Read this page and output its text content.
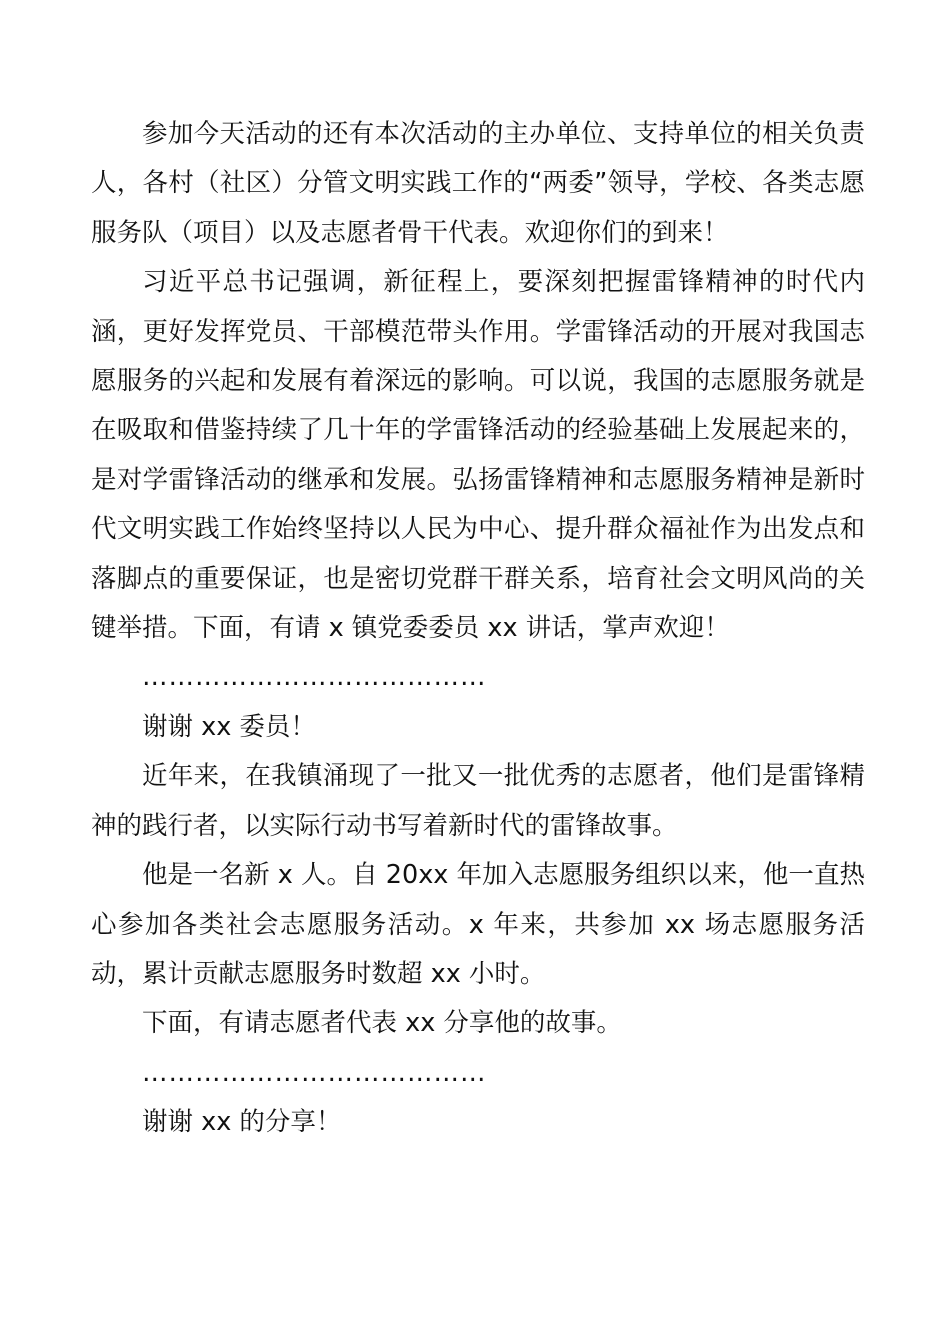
参加今天活动的还有本次活动的主办单位、支持单位的相关负责人，各村（社区）分管文明实践工作的“两委”领导，学校、各类志愿服务队（项目）以及志愿者骨干代表。欢迎你们的到来！

习近平总书记强调，新征程上，要深刻把握雷锋精神的时代内涵，更好发挥党员、干部模范带头作用。学雷锋活动的开展对我国志愿服务的兴起和发展有着深远的影响。可以说，我国的志愿服务就是在吸取和借鉴持续了几十年的学雷锋活动的经验基础上发展起来的，是对学雷锋活动的继承和发展。弘扬雷锋精神和志愿服务精神是新时代文明实践工作始终坚持以人民为中心、提升群众福祉作为出发点和落脚点的重要保证，也是密切党群干群关系，培育社会文明风尚的关键举措。下面，有请 x 镇党委委员 xx 讲话，掌声欢迎！

…………………………………

谢谢 xx 委员！

近年来，在我镇涌现了一批又一批优秀的志愿者，他们是雷锋精神的践行者，以实际行动书写着新时代的雷锋故事。

他是一名新 x 人。自 20xx 年加入志愿服务组织以来，他一直热心参加各类社会志愿服务活动。x 年来，共参加 xx 场志愿服务活动，累计贡献志愿服务时数超 xx 小时。

下面，有请志愿者代表 xx 分享他的故事。

…………………………………

谢谢 xx 的分享！
